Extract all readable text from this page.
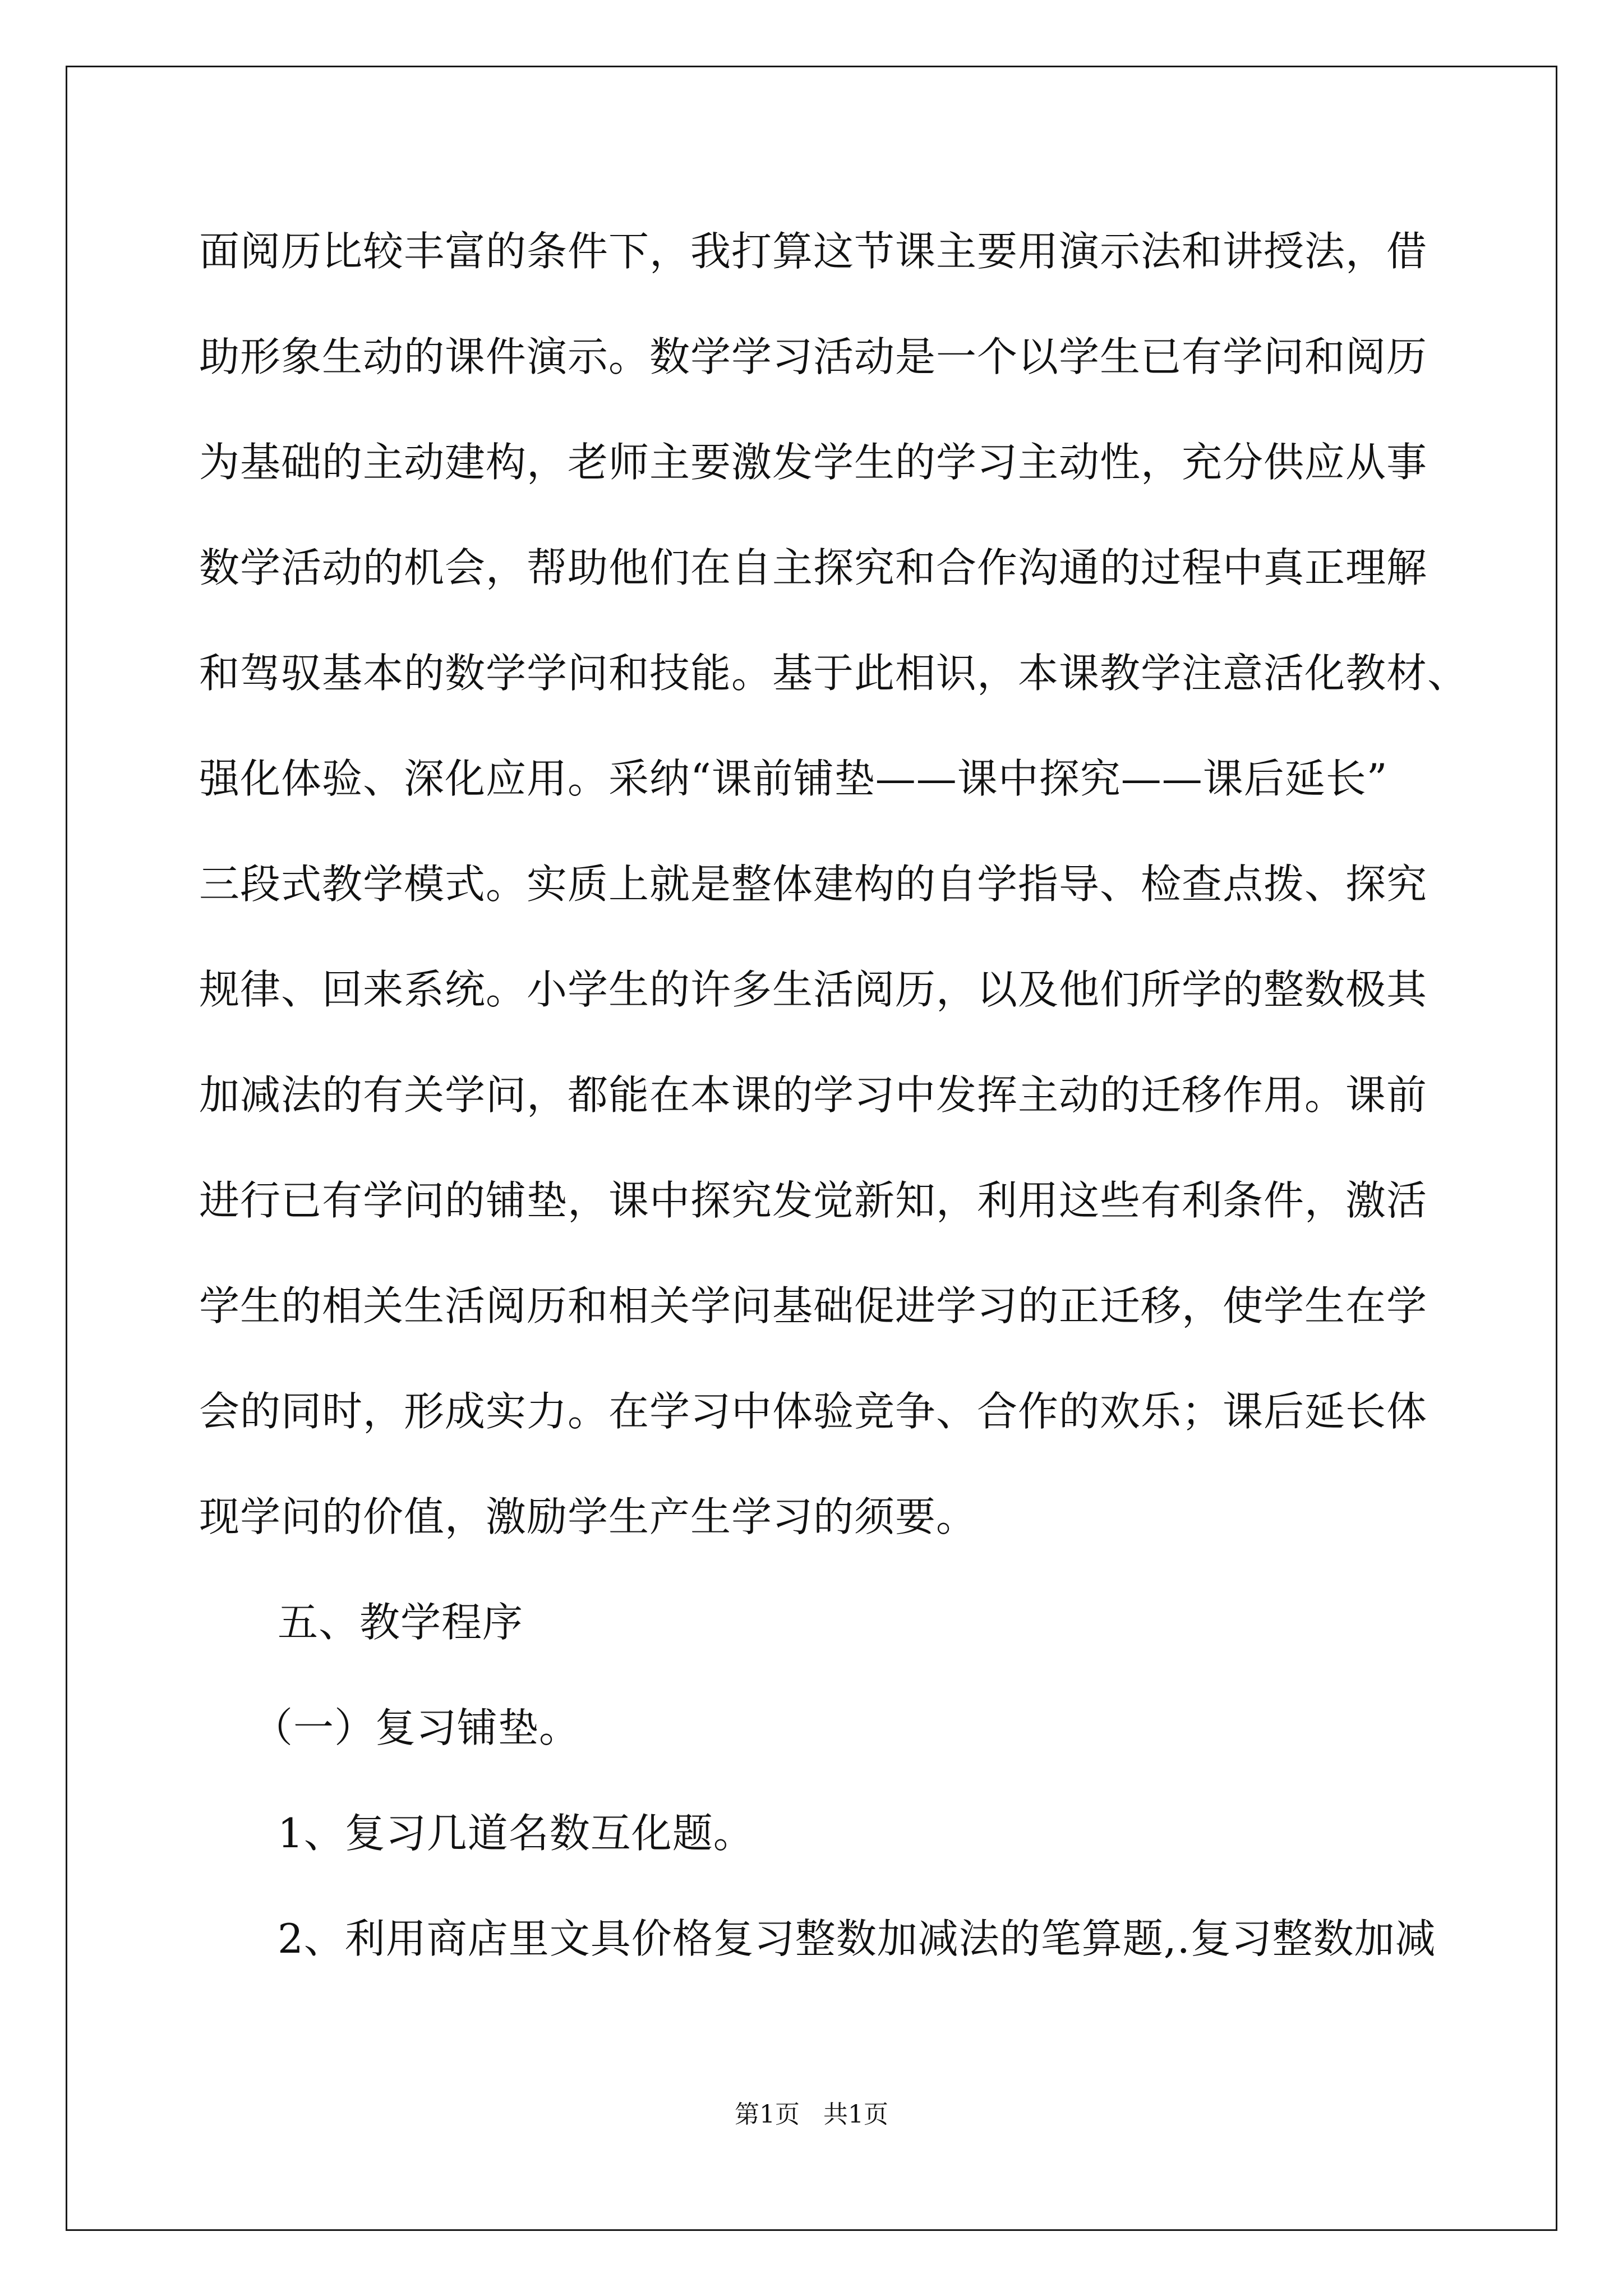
面阅历比较丰富的条件下，我打算这节课主要用演示法和讲授法，借
助形象生动的课件演示。数学学习活动是一个以学生已有学问和阅历
为基础的主动建构，老师主要激发学生的学习主动性，充分供应从事
数学活动的机会，帮助他们在自主探究和合作沟通的过程中真正理解
和驾驭基本的数学学问和技能。基于此相识，本课教学注意活化教材、
强化体验、深化应用。采纳“课前铺垫——课中探究——课后延长”
三段式教学模式。实质上就是整体建构的自学指导、检查点拨、探究
规律、回来系统。小学生的许多生活阅历，以及他们所学的整数极其
加减法的有关学问，都能在本课的学习中发挥主动的迁移作用。课前
进行已有学问的铺垫，课中探究发觉新知，利用这些有利条件，激活
学生的相关生活阅历和相关学问基础促进学习的正迁移，使学生在学
会的同时，形成实力。在学习中体验竞争、合作的欢乐；课后延长体
现学问的价值，激励学生产生学习的须要。
五、教学程序
（一）复习铺垫。
1、复习几道名数互化题。
2、利用商店里文具价格复习整数加减法的笔算题,.复习整数加减
第1页   共1页
